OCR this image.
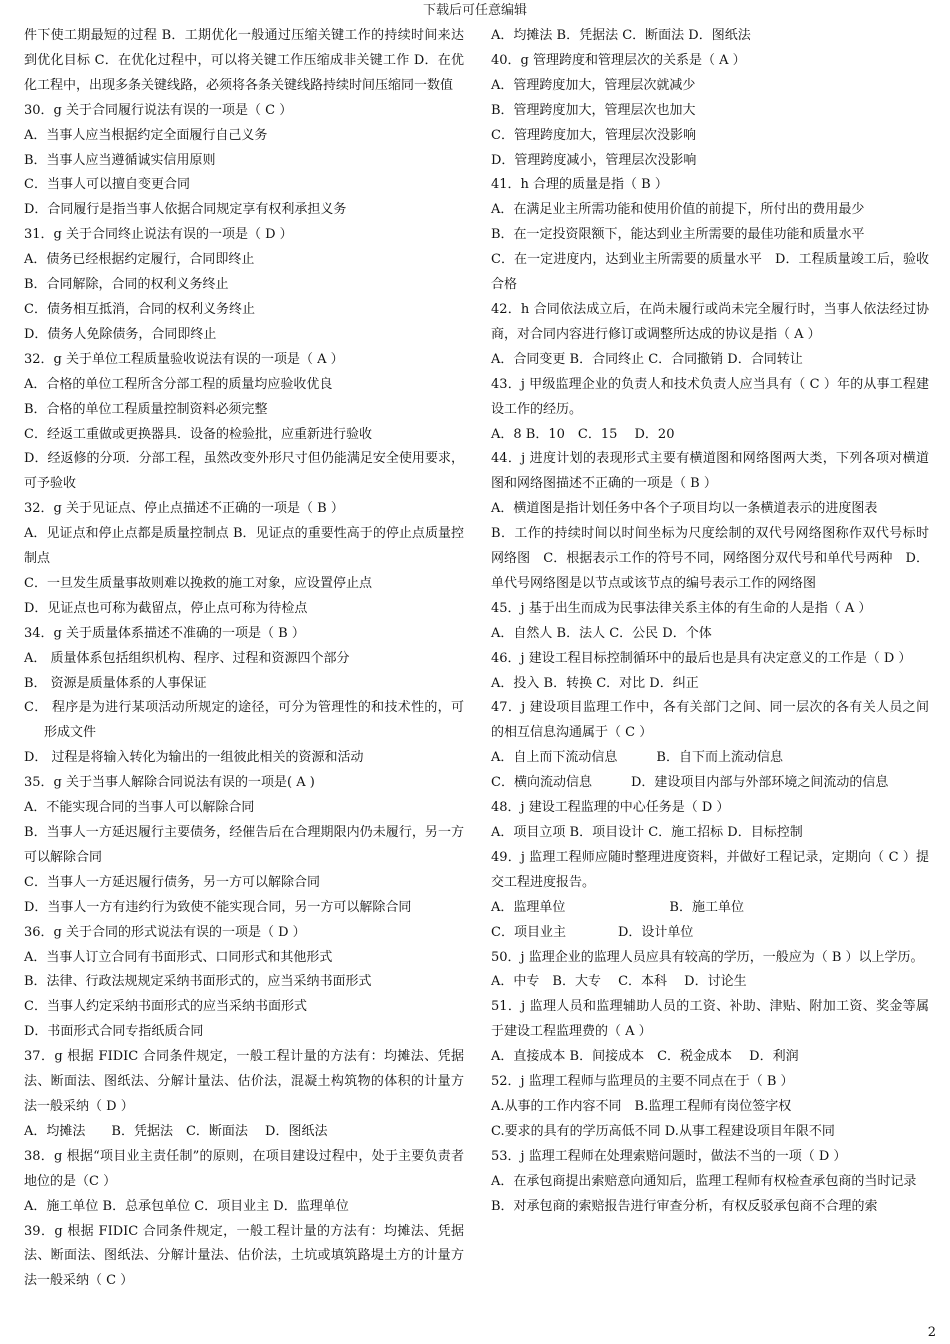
下载后可任意编辑
件下使工期最短的过程 B．工期优化一般通过压缩关键工作的持续时间来达到优化目标 C．在优化过程中，可以将关键工作压缩成非关键工作 D．在优化工程中，出现多条关键线路，必须将各条关键线路持续时间压缩同一数值
30．g 关于合同履行说法有误的一项是（ C ）
A．当事人应当根据约定全面履行自己义务
B．当事人应当遵循诚实信用原则
C．当事人可以擅自变更合同
D．合同履行是指当事人依据合同规定享有权利承担义务
31．g 关于合同终止说法有误的一项是（ D ）
A．债务已经根据约定履行，合同即终止
B．合同解除，合同的权利义务终止
C．债务相互抵消，合同的权利义务终止
D．债务人免除债务，合同即终止
32．g 关于单位工程质量验收说法有误的一项是（ A ）
A．合格的单位工程所含分部工程的质量均应验收优良
B．合格的单位工程质量控制资料必须完整
C．经返工重做或更换器具．设备的检验批，应重新进行验收
D．经返修的分项．分部工程，虽然改变外形尺寸但仍能满足安全使用要求，可予验收
32．g 关于见证点、停止点描述不正确的一项是（ B ）
A．见证点和停止点都是质量控制点 B．见证点的重要性高于的停止点质量控制点
C．一旦发生质量事故则难以挽救的施工对象，应设置停止点
D．见证点也可称为截留点，停止点可称为待检点
34．g 关于质量体系描述不准确的一项是（ B ）
A． 质量体系包括组织机构、程序、过程和资源四个部分
B． 资源是质量体系的人事保证
C． 程序是为进行某项活动所规定的途径，可分为管理性的和技术性的，可形成文件
D． 过程是将输入转化为输出的一组彼此相关的资源和活动
35．g 关于当事人解除合同说法有误的一项是( A )
A．不能实现合同的当事人可以解除合同
B．当事人一方延迟履行主要债务，经催告后在合理期限内仍未履行，另一方可以解除合同
C．当事人一方延迟履行债务，另一方可以解除合同
D．当事人一方有违约行为致使不能实现合同，另一方可以解除合同
36．g 关于合同的形式说法有误的一项是（ D ）
A．当事人订立合同有书面形式、口同形式和其他形式
B．法律、行政法规规定采纳书面形式的，应当采纳书面形式
C．当事人约定采纳书面形式的应当采纳书面形式
D．书面形式合同专指纸质合同
37．g 根据 FIDIC 合同条件规定，一般工程计量的方法有：均摊法、凭据法、断面法、图纸法、分解计量法、估价法，混凝土构筑物的体积的计量方法一般采纳（ D ）
A．均摊法　　B．凭据法　C．断面法　 D．图纸法
38．g 根据“项目业主责任制”的原则，在项目建设过程中，处于主要负责者地位的是（C ）
A．施工单位 B．总承包单位 C．项目业主 D．监理单位
39．g 根据 FIDIC 合同条件规定，一般工程计量的方法有：均摊法、凭据法、断面法、图纸法、分解计量法、估价法，土坑或填筑路堤土方的计量方法一般采纳（ C ）
A．均摊法 B．凭据法 C．断面法 D．图纸法
40．g 管理跨度和管理层次的关系是（ A ）
A．管理跨度加大，管理层次就减少
B．管理跨度加大，管理层次也加大
C．管理跨度加大，管理层次没影响
D．管理跨度减小，管理层次没影响
41．h 合理的质量是指（ B ）
A．在满足业主所需功能和使用价值的前提下，所付出的费用最少
B．在一定投资限额下，能达到业主所需要的最佳功能和质量水平
C．在一定进度内，达到业主所需要的质量水平　D．工程质量竣工后，验收合格
42．h 合同依法成立后，在尚未履行或尚未完全履行时，当事人依法经过协商，对合同内容进行修订或调整所达成的协议是指（ A ）
A．合同变更 B．合同终止 C．合同撤销 D．合同转让
43．j 甲级监理企业的负责人和技术负责人应当具有（ C ）年的从事工程建设工作的经历。
A．8 B．10　C．15　 D．20
44．j 进度计划的表现形式主要有横道图和网络图两大类，下列各项对横道图和网络图描述不正确的一项是（ B ）
A．横道图是指计划任务中各个子项目均以一条横道表示的进度图表
B．工作的持续时间以时间坐标为尺度绘制的双代号网络图称作双代号标时网络图　C．根据表示工作的符号不同，网络图分双代号和单代号两种　D．单代号网络图是以节点或该节点的编号表示工作的网络图
45．j 基于出生而成为民事法律关系主体的有生命的人是指（ A ）
A．自然人 B．法人 C．公民 D．个体
46．j 建设工程目标控制循环中的最后也是具有决定意义的工作是（ D ）
A．投入 B．转换 C．对比 D．纠正
47．j 建设项目监理工作中，各有关部门之间、同一层次的各有关人员之间的相互信息沟通属于（ C ）
A．自上而下流动信息　　　B．自下而上流动信息
C．横向流动信息　　　D．建设项目内部与外部环境之间流动的信息
48．j 建设工程监理的中心任务是（ D ）
A．项目立项 B．项目设计 C．施工招标 D．目标控制
49．j 监理工程师应随时整理进度资料，并做好工程记录，定期向（ C ）提交工程进度报告。
A．监理单位　　　　　　　　B．施工单位
C．项目业主　　　　D．设计单位
50．j 监理企业的监理人员应具有较高的学历，一般应为（ B ）以上学历。
A．中专　B．大专　 C．本科　 D．讨论生
51．j 监理人员和监理辅助人员的工资、补助、津贴、附加工资、奖金等属于建设工程监理费的（ A ）
A．直接成本 B．间接成本　C．税金成本　 D．利润
52．j 监理工程师与监理员的主要不同点在于（ B ）
A.从事的工作内容不同　B.监理工程师有岗位签字权
C.要求的具有的学历高低不同 D.从事工程建设项目年限不同
53．j 监理工程师在处理索赔问题时，做法不当的一项（ D ）
A．在承包商提出索赔意向通知后，监理工程师有权检查承包商的当时记录
B．对承包商的索赔报告进行审查分析，有权反驳承包商不合理的索
2
